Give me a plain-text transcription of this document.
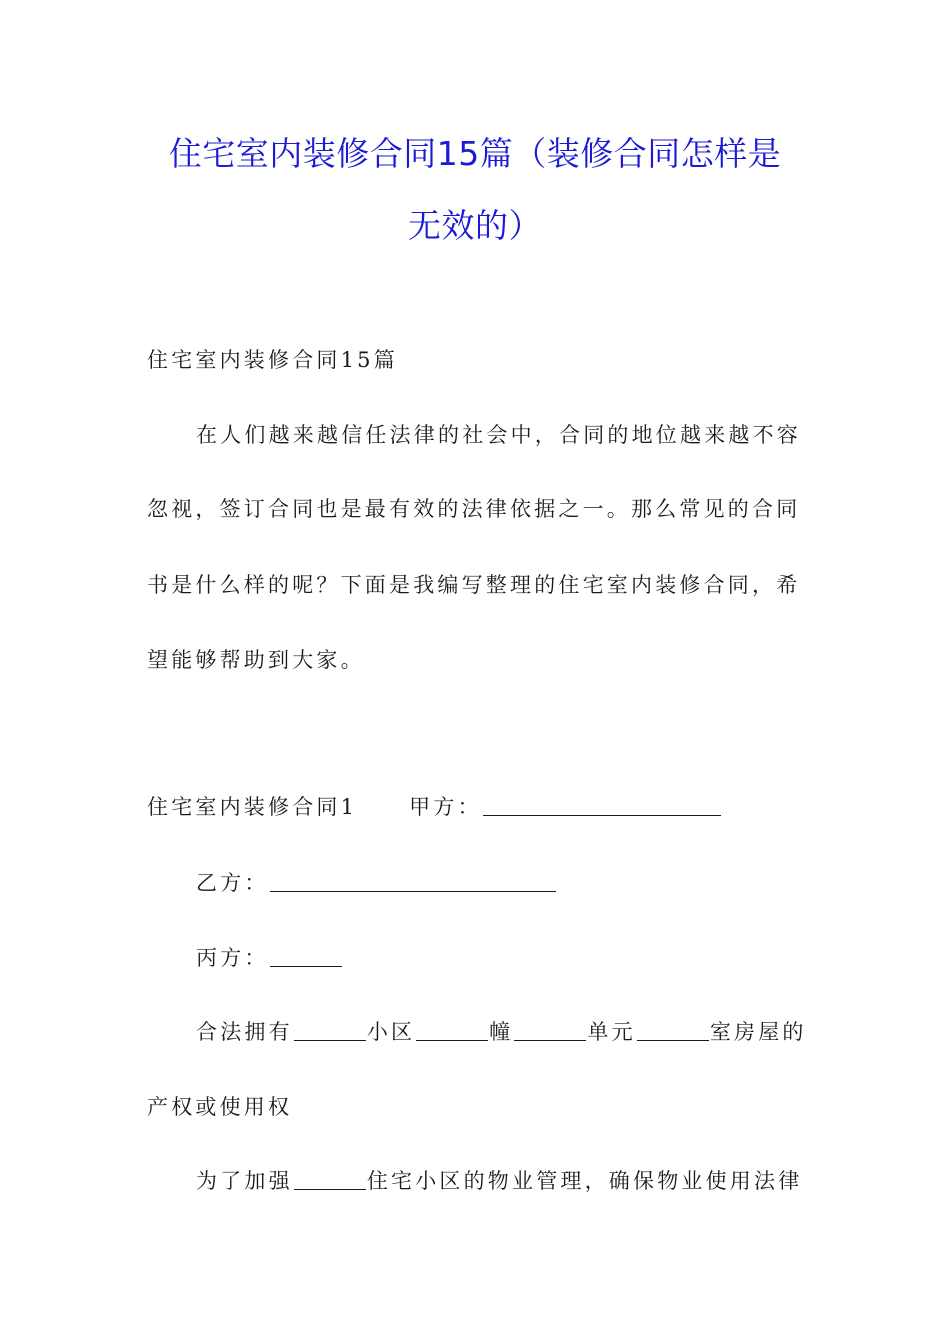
住宅室内装修合同15篇（装修合同怎样是
无效的）
住宅室内装修合同15篇
在人们越来越信任法律的社会中，合同的地位越来越不容
忽视，签订合同也是最有效的法律依据之一。那么常见的合同
书是什么样的呢？下面是我编写整理的住宅室内装修合同，希
望能够帮助到大家。
住宅室内装修合同1 甲方：
乙方：
丙方：
合法拥有	小区	幢	单元	室房屋的
产权或使用权
为了加强	住宅小区的物业管理，确保物业使用法律
